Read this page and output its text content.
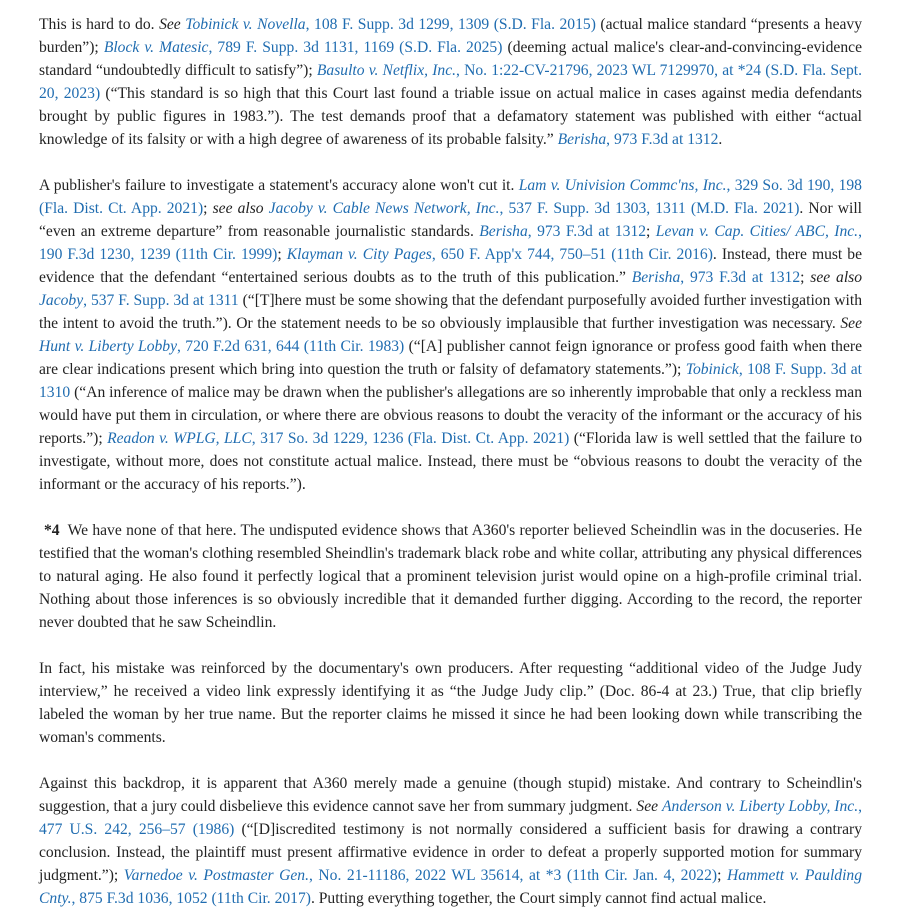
This is hard to do. See Tobinick v. Novella, 108 F. Supp. 3d 1299, 1309 (S.D. Fla. 2015) (actual malice standard “presents a heavy burden”); Block v. Matesic, 789 F. Supp. 3d 1131, 1169 (S.D. Fla. 2025) (deeming actual malice's clear-and-convincing-evidence standard “undoubtedly difficult to satisfy”); Basulto v. Netflix, Inc., No. 1:22-CV-21796, 2023 WL 7129970, at *24 (S.D. Fla. Sept. 20, 2023) (“This standard is so high that this Court last found a triable issue on actual malice in cases against media defendants brought by public figures in 1983.”). The test demands proof that a defamatory statement was published with either “actual knowledge of its falsity or with a high degree of awareness of its probable falsity.” Berisha, 973 F.3d at 1312.

A publisher's failure to investigate a statement's accuracy alone won't cut it. Lam v. Univision Commc'ns, Inc., 329 So. 3d 190, 198 (Fla. Dist. Ct. App. 2021); see also Jacoby v. Cable News Network, Inc., 537 F. Supp. 3d 1303, 1311 (M.D. Fla. 2021). Nor will “even an extreme departure” from reasonable journalistic standards. Berisha, 973 F.3d at 1312; Levan v. Cap. Cities/ ABC, Inc., 190 F.3d 1230, 1239 (11th Cir. 1999); Klayman v. City Pages, 650 F. App'x 744, 750–51 (11th Cir. 2016). Instead, there must be evidence that the defendant “entertained serious doubts as to the truth of this publication.” Berisha, 973 F.3d at 1312; see also Jacoby, 537 F. Supp. 3d at 1311 (“[T]here must be some showing that the defendant purposefully avoided further investigation with the intent to avoid the truth.”). Or the statement needs to be so obviously implausible that further investigation was necessary. See Hunt v. Liberty Lobby, 720 F.2d 631, 644 (11th Cir. 1983) (“[A] publisher cannot feign ignorance or profess good faith when there are clear indications present which bring into question the truth or falsity of defamatory statements.”); Tobinick, 108 F. Supp. 3d at 1310 (“An inference of malice may be drawn when the publisher's allegations are so inherently improbable that only a reckless man would have put them in circulation, or where there are obvious reasons to doubt the veracity of the informant or the accuracy of his reports.”); Readon v. WPLG, LLC, 317 So. 3d 1229, 1236 (Fla. Dist. Ct. App. 2021) (“Florida law is well settled that the failure to investigate, without more, does not constitute actual malice. Instead, there must be “obvious reasons to doubt the veracity of the informant or the accuracy of his reports.”).

*4 We have none of that here. The undisputed evidence shows that A360's reporter believed Scheindlin was in the docuseries. He testified that the woman's clothing resembled Sheindlin's trademark black robe and white collar, attributing any physical differences to natural aging. He also found it perfectly logical that a prominent television jurist would opine on a high-profile criminal trial. Nothing about those inferences is so obviously incredible that it demanded further digging. According to the record, the reporter never doubted that he saw Scheindlin.

In fact, his mistake was reinforced by the documentary's own producers. After requesting “additional video of the Judge Judy interview,” he received a video link expressly identifying it as “the Judge Judy clip.” (Doc. 86-4 at 23.) True, that clip briefly labeled the woman by her true name. But the reporter claims he missed it since he had been looking down while transcribing the woman's comments.

Against this backdrop, it is apparent that A360 merely made a genuine (though stupid) mistake. And contrary to Scheindlin's suggestion, that a jury could disbelieve this evidence cannot save her from summary judgment. See Anderson v. Liberty Lobby, Inc., 477 U.S. 242, 256–57 (1986) (“[D]iscredited testimony is not normally considered a sufficient basis for drawing a contrary conclusion. Instead, the plaintiff must present affirmative evidence in order to defeat a properly supported motion for summary judgment.”); Varnedoe v. Postmaster Gen., No. 21-11186, 2022 WL 35614, at *3 (11th Cir. Jan. 4, 2022); Hammett v. Paulding Cnty., 875 F.3d 1036, 1052 (11th Cir. 2017). Putting everything together, the Court simply cannot find actual malice.
